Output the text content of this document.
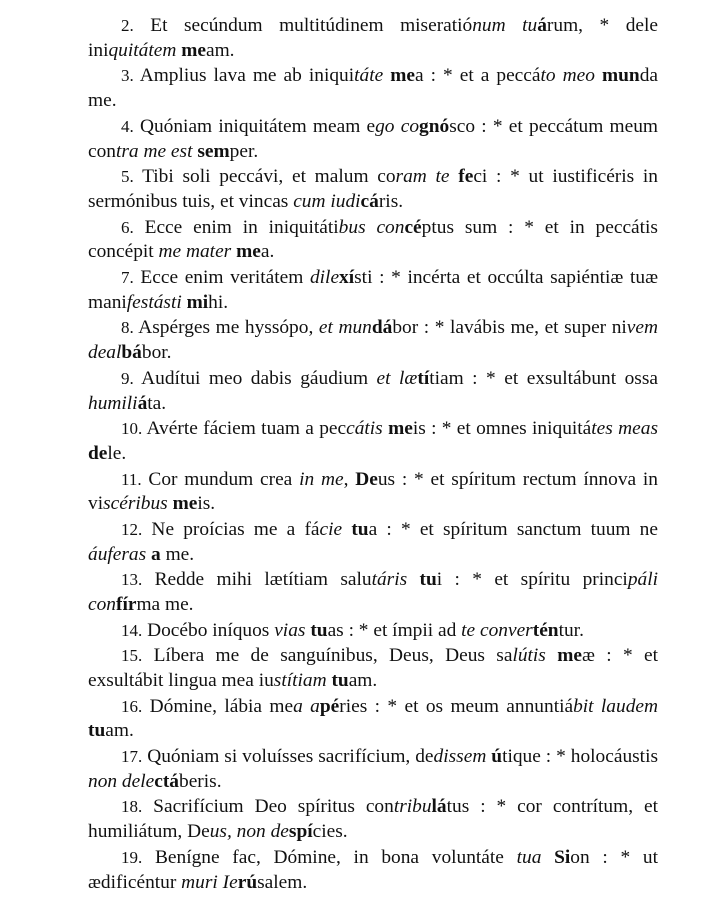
2. Et secúndum multitúdinem miseratiónum tuárum, * dele iniquitátem meam.

3. Amplius lava me ab iniquitáte mea : * et a peccáto meo munda me.

4. Quóniam iniquitátem meam ego cognósco : * et peccátum meum contra me est semper.

5. Tibi soli peccávi, et malum coram te feci : * ut iustificéris in sermónibus tuis, et vincas cum iudicáris.

6. Ecce enim in iniquitátibus concéptus sum : * et in peccátis concépit me mater mea.

7. Ecce enim veritátem dilexísti : * incérta et occúlta sapiéntiæ tuæ manifestásti mihi.

8. Aspérges me hyssópo, et mundábor : * lavábis me, et super nivem dealbábor.

9. Audítui meo dabis gáudium et lætítiam : * et exsultábunt ossa humiliáta.

10. Avérte fáciem tuam a peccátis meis : * et omnes iniquitátes meas dele.

11. Cor mundum crea in me, Deus : * et spíritum rectum ínnova in viscéribus meis.

12. Ne proícias me a fácie tua : * et spíritum sanctum tuum ne áuferas a me.

13. Redde mihi lætítiam salutáris tui : * et spíritu principáli confírma me.

14. Docébo iníquos vias tuas : * et ímpii ad te converténtur.

15. Líbera me de sanguínibus, Deus, Deus salútis meæ : * et exsultábit lingua mea iustítiam tuam.

16. Dómine, lábia mea apéries : * et os meum annuntiábit laudem tuam.

17. Quóniam si voluísses sacrifícium, dedissem útique : * holocáustis non delectáberis.

18. Sacrifícium Deo spíritus contribulátus : * cor contrítum, et humiliátum, Deus, non despícies.

19. Benígne fac, Dómine, in bona voluntáte tua Sion : * ut ædificéntur muri Ierúsalem.
